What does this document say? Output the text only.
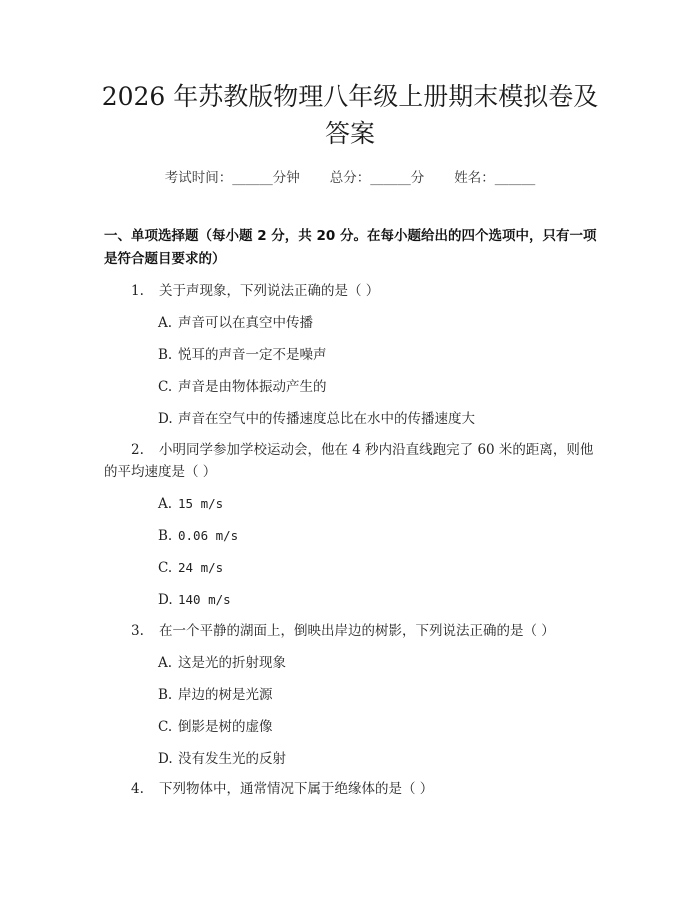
2026 年苏教版物理八年级上册期末模拟卷及
答案
考试时间：______分钟 总分：______分 姓名：______
一、单项选择题（每小题 2 分，共 20 分。在每小题给出的四个选项中，只有一项
是符合题目要求的）
1. 关于声现象，下列说法正确的是（ ）
A. 声音可以在真空中传播
B. 悦耳的声音一定不是噪声
C. 声音是由物体振动产生的
D. 声音在空气中的传播速度总比在水中的传播速度大
2. 小明同学参加学校运动会，他在 4 秒内沿直线跑完了 60 米的距离，则他
的平均速度是（ ）
A. 15 m/s
B. 0.06 m/s
C. 24 m/s
D. 140 m/s
3. 在一个平静的湖面上，倒映出岸边的树影，下列说法正确的是（ ）
A. 这是光的折射现象
B. 岸边的树是光源
C. 倒影是树的虚像
D. 没有发生光的反射
4. 下列物体中，通常情况下属于绝缘体的是（ ）
